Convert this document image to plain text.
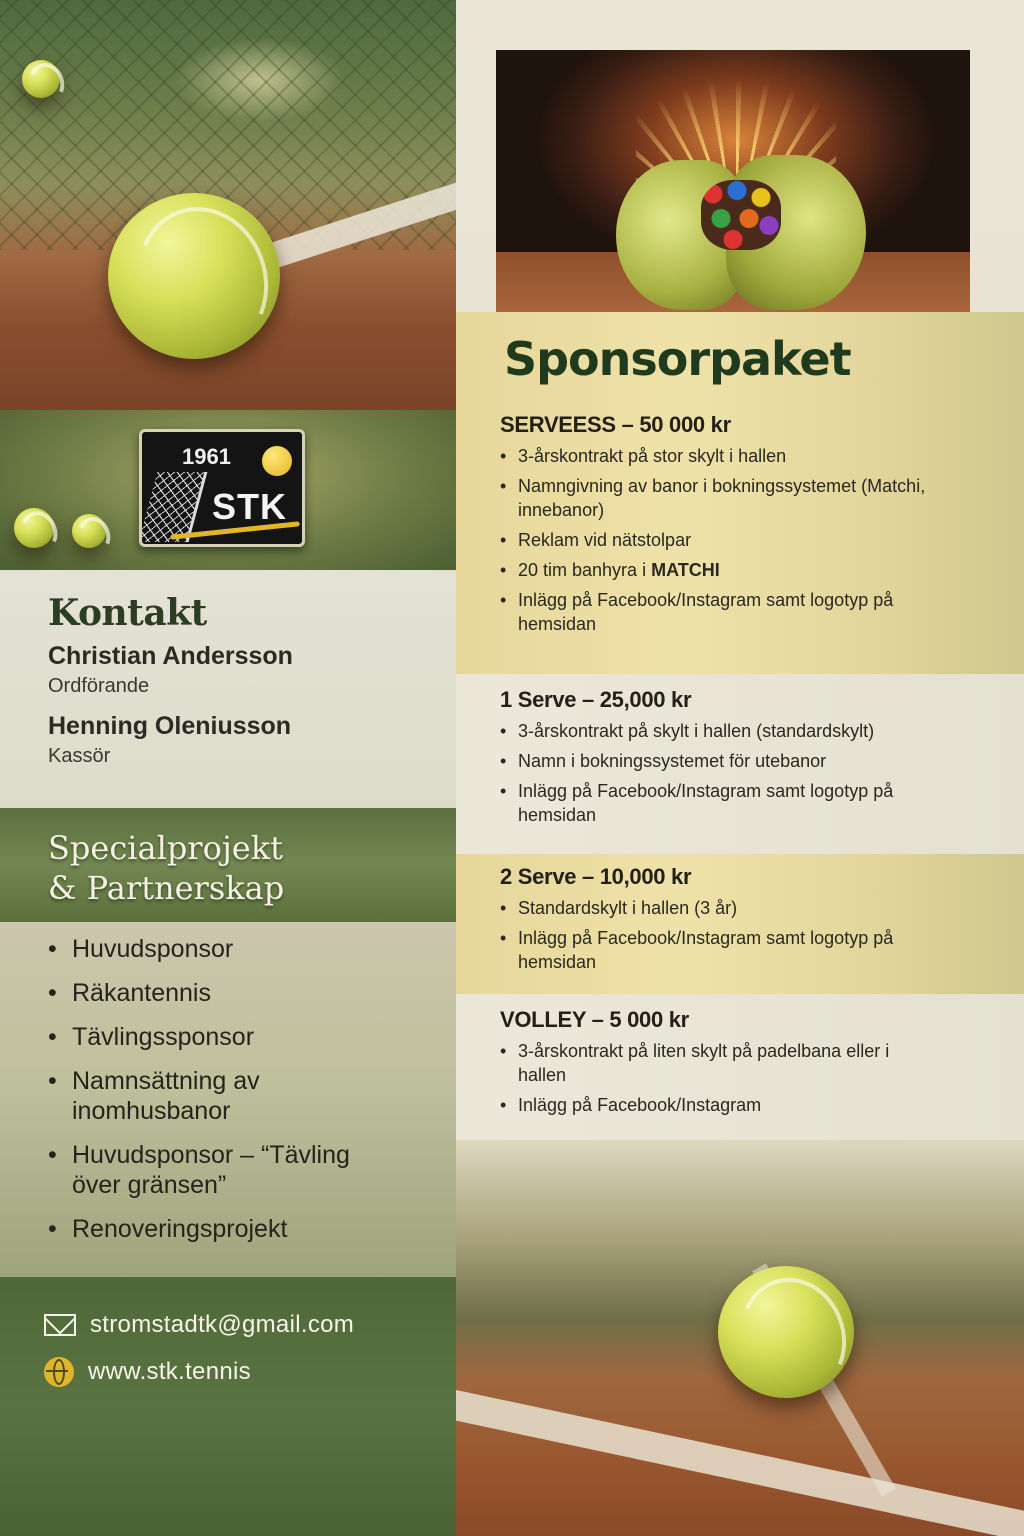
1961
STK
Kontakt
Christian Andersson
Ordförande
Henning Oleniusson
Kassör
Specialprojekt
& Partnerskap
• Huvudsponsor
• Räkantennis
• Tävlingssponsor
• Namnsättning av inomhusbanor
• Huvudsponsor – “Tävling över gränsen”
• Renoveringsprojekt
stromstadtk@gmail.com
www.stk.tennis
Sponsorpaket
SERVEESS – 50 000 kr
• 3-årskontrakt på stor skylt i hallen
• Namngivning av banor i bokningssystemet (Matchi, innebanor)
• Reklam vid nätstolpar
• 20 tim banhyra i MATCHI
• Inlägg på Facebook/Instagram samt logotyp på hemsidan
1 Serve – 25,000 kr
• 3-årskontrakt på skylt i hallen (standardskylt)
• Namn i bokningssystemet för utebanor
• Inlägg på Facebook/Instagram samt logotyp på hemsidan
2 Serve – 10,000 kr
• Standardskylt i hallen (3 år)
• Inlägg på Facebook/Instagram samt logotyp på hemsidan
VOLLEY – 5 000 kr
• 3-årskontrakt på liten skylt på padelbana eller i hallen
• Inlägg på Facebook/Instagram
